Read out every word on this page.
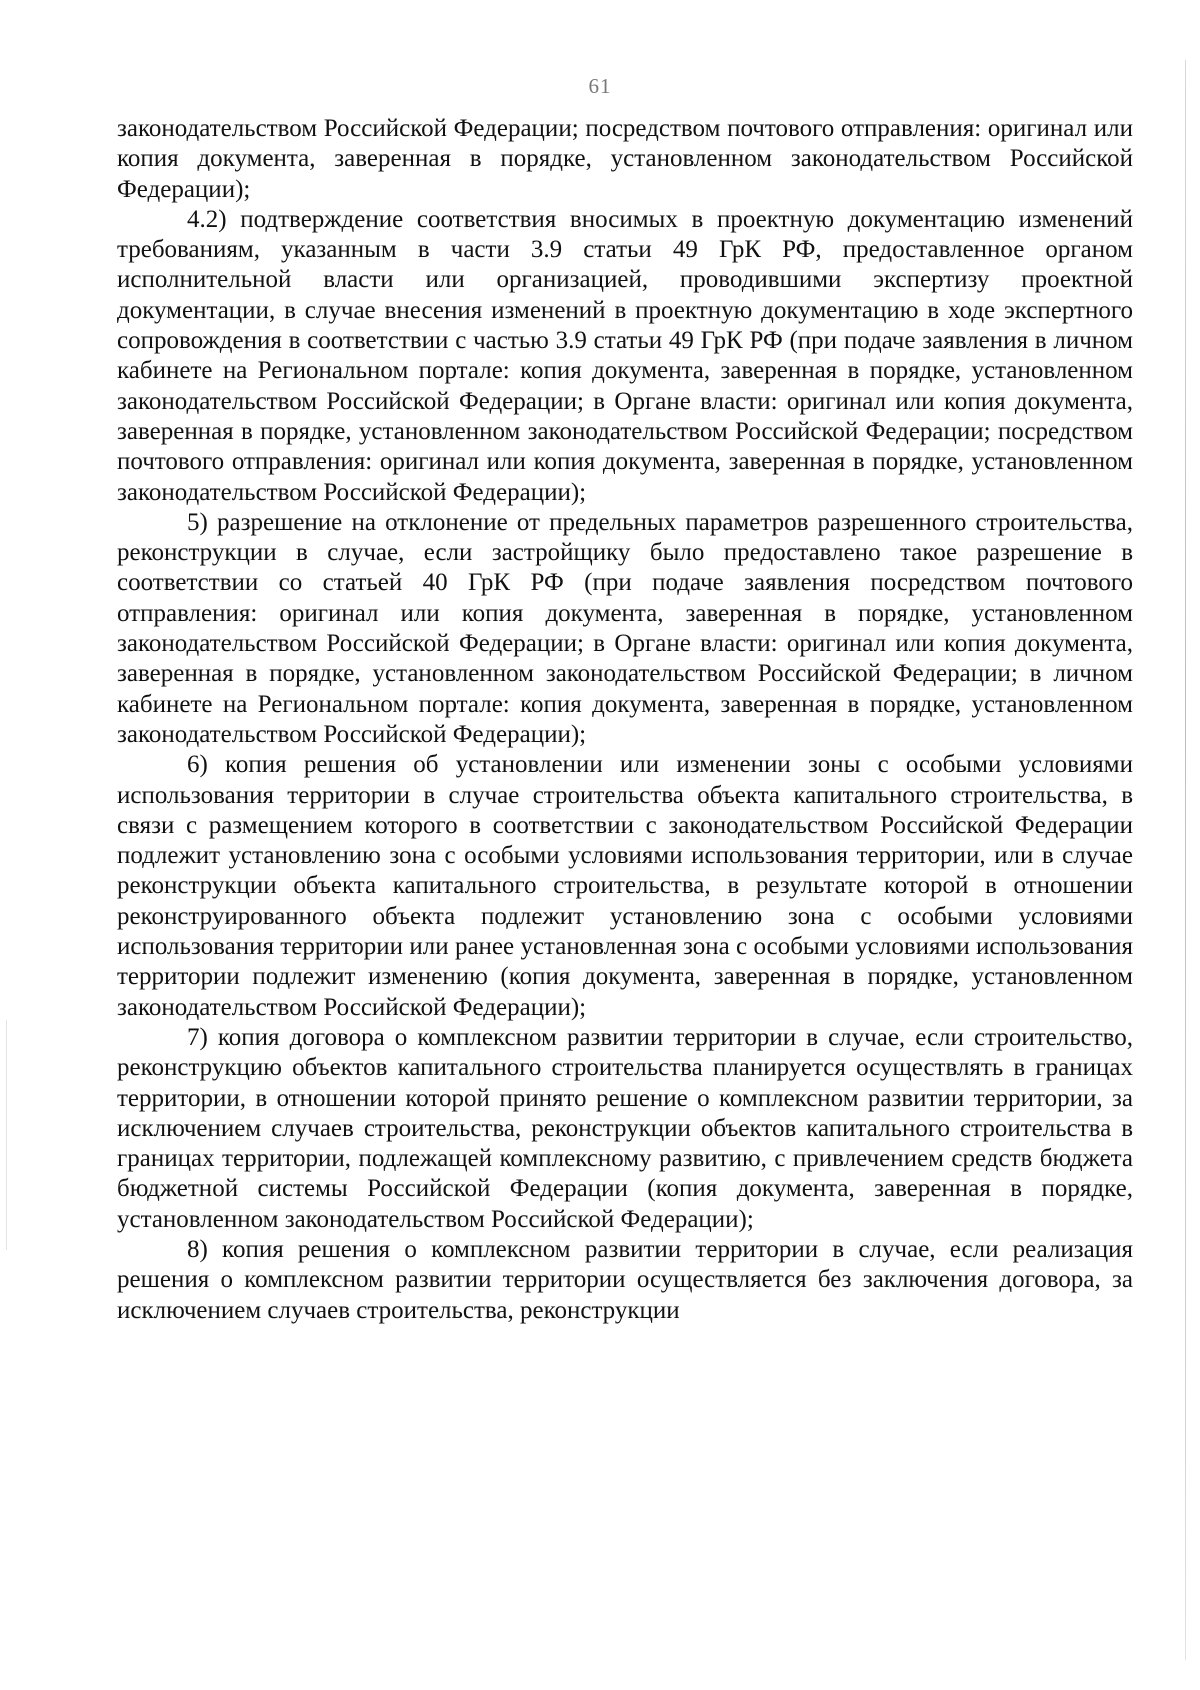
61

законодательством Российской Федерации; посредством почтового отправления: оригинал или копия документа, заверенная в порядке, установленном законодательством Российской Федерации);

4.2) подтверждение соответствия вносимых в проектную документацию изменений требованиям, указанным в части 3.9 статьи 49 ГрК РФ, предоставленное органом исполнительной власти или организацией, проводившими экспертизу проектной документации, в случае внесения изменений в проектную документацию в ходе экспертного сопровождения в соответствии с частью 3.9 статьи 49 ГрК РФ (при подаче заявления в личном кабинете на Региональном портале: копия документа, заверенная в порядке, установленном законодательством Российской Федерации; в Органе власти: оригинал или копия документа, заверенная в порядке, установленном законодательством Российской Федерации; посредством почтового отправления: оригинал или копия документа, заверенная в порядке, установленном законодательством Российской Федерации);

5) разрешение на отклонение от предельных параметров разрешенного строительства, реконструкции в случае, если застройщику было предоставлено такое разрешение в соответствии со статьей 40 ГрК РФ (при подаче заявления посредством почтового отправления: оригинал или копия документа, заверенная в порядке, установленном законодательством Российской Федерации; в Органе власти: оригинал или копия документа, заверенная в порядке, установленном законодательством Российской Федерации; в личном кабинете на Региональном портале: копия документа, заверенная в порядке, установленном законодательством Российской Федерации);

6) копия решения об установлении или изменении зоны с особыми условиями использования территории в случае строительства объекта капитального строительства, в связи с размещением которого в соответствии с законодательством Российской Федерации подлежит установлению зона с особыми условиями использования территории, или в случае реконструкции объекта капитального строительства, в результате которой в отношении реконструированного объекта подлежит установлению зона с особыми условиями использования территории или ранее установленная зона с особыми условиями использования территории подлежит изменению (копия документа, заверенная в порядке, установленном законодательством Российской Федерации);

7) копия договора о комплексном развитии территории в случае, если строительство, реконструкцию объектов капитального строительства планируется осуществлять в границах территории, в отношении которой принято решение о комплексном развитии территории, за исключением случаев строительства, реконструкции объектов капитального строительства в границах территории, подлежащей комплексному развитию, с привлечением средств бюджета бюджетной системы Российской Федерации (копия документа, заверенная в порядке, установленном законодательством Российской Федерации);

8) копия решения о комплексном развитии территории в случае, если реализация решения о комплексном развитии территории осуществляется без заключения договора, за исключением случаев строительства, реконструкции
